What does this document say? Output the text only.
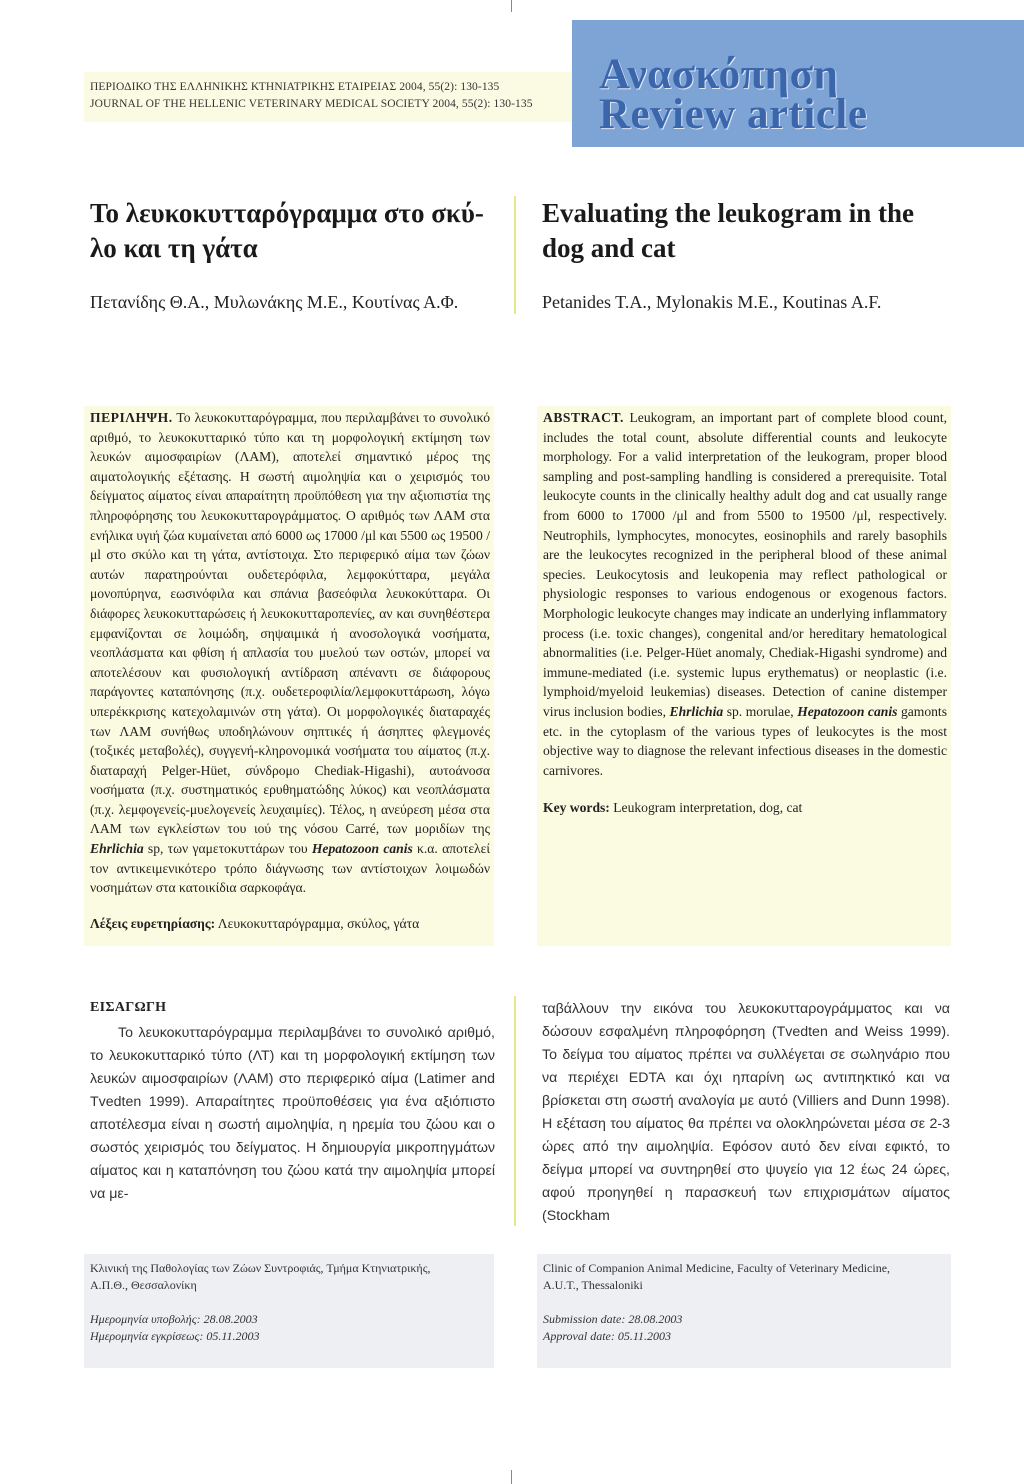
ΠΕΡΙΟΔΙΚΟ ΤΗΣ ΕΛΛΗΝΙΚΗΣ ΚΤΗΝΙΑΤΡΙΚΗΣ ΕΤΑΙΡΕΙΑΣ 2004, 55(2): 130-135
JOURNAL OF THE HELLENIC VETERINARY MEDICAL SOCIETY 2004, 55(2): 130-135
Ανασκόπηση
Review article
Το λευκοκυτταρόγραμμα στο σκύ-
λο και τη γάτα
Evaluating the leukogram in the
dog and cat
Πετανίδης Θ.Α., Μυλωνάκης Μ.Ε., Κουτίνας Α.Φ.	Petanides T.A., Mylonakis M.E., Koutinas A.F.
ΠΕΡΙΛΗΨΗ. Το λευκοκυτταρόγραμμα, που περιλαμβάνει το συνολικό αριθμό, το λευκοκυτταρικό τύπο και τη μορφολογική εκτίμηση των λευκών αιμοσφαιρίων (ΛΑΜ), αποτελεί σημαντικό μέρος της αιματολογικής εξέτασης. Η σωστή αιμοληψία και ο χειρισμός του δείγματος αίματος είναι απαραίτητη προϋπόθεση για την αξιοπιστία της πληροφόρησης του λευκοκυτταρογράμματος. Ο αριθμός των ΛΑΜ στα ενήλικα υγιή ζώα κυμαίνεται από 6000 ως 17000 /μl και 5500 ως 19500 /μl στο σκύλο και τη γάτα, αντίστοιχα. Στο περιφερικό αίμα των ζώων αυτών παρατηρούνται ουδετερόφιλα, λεμφοκύτταρα, μεγάλα μονοπύρηνα, εωσινόφιλα και σπάνια βασεόφιλα λευκοκύτταρα. Οι διάφορες λευκοκυτταρώσεις ή λευκοκυτταροπενίες, αν και συνηθέστερα εμφανίζονται σε λοιμώδη, σηψαιμικά ή ανοσολογικά νοσήματα, νεοπλάσματα και φθίση ή απλασία του μυελού των οστών, μπορεί να αποτελέσουν και φυσιολογική αντίδραση απέναντι σε διάφορους παράγοντες καταπόνησης (π.χ. ουδετεροφιλία/λεμφοκυττάρωση, λόγω υπερέκκρισης κατεχολαμινών στη γάτα). Οι μορφολογικές διαταραχές των ΛΑΜ συνήθως υποδηλώνουν σηπτικές ή άσηπτες φλεγμονές (τοξικές μεταβολές), συγγενή-κληρονομικά νοσήματα του αίματος (π.χ. διαταραχή Pelger-Hüet, σύνδρομο Chediak-Higashi), αυτοάνοσα νοσήματα (π.χ. συστηματικός ερυθηματώδης λύκος) και νεοπλάσματα (π.χ. λεμφογενείς-μυελογενείς λευχαιμίες). Τέλος, η ανεύρεση μέσα στα ΛΑΜ των εγκλείστων του ιού της νόσου Carré, των μοριδίων της Ehrlichia sp, των γαμετοκυττάρων του Hepatozoon canis κ.α. αποτελεί τον αντικειμενικότερο τρόπο διάγνωσης των αντίστοιχων λοιμωδών νοσημάτων στα κατοικίδια σαρκοφάγα.
Λέξεις ευρετηρίασης: Λευκοκυτταρόγραμμα, σκύλος, γάτα
ABSTRACT. Leukogram, an important part of complete blood count, includes the total count, absolute differential counts and leukocyte morphology. For a valid interpretation of the leukogram, proper blood sampling and post-sampling handling is considered a prerequisite. Total leukocyte counts in the clinically healthy adult dog and cat usually range from 6000 to 17000 /μl and from 5500 to 19500 /μl, respectively. Neutrophils, lymphocytes, monocytes, eosinophils and rarely basophils are the leukocytes recognized in the peripheral blood of these animal species. Leukocytosis and leukopenia may reflect pathological or physiologic responses to various endogenous or exogenous factors. Morphologic leukocyte changes may indicate an underlying inflammatory process (i.e. toxic changes), congenital and/or hereditary hematological abnormalities (i.e. Pelger-Hüet anomaly, Chediak-Higashi syndrome) and immune-mediated (i.e. systemic lupus erythematus) or neoplastic (i.e. lymphoid/myeloid leukemias) diseases. Detection of canine distemper virus inclusion bodies, Ehrlichia sp. morulae, Hepatozoon canis gamonts etc. in the cytoplasm of the various types of leukocytes is the most objective way to diagnose the relevant infectious diseases in the domestic carnivores.
Key words: Leukogram interpretation, dog, cat
ΕΙΣΑΓΩΓΗ
Το λευκοκυτταρόγραμμα περιλαμβάνει το συνολικό αριθμό, το λευκοκυτταρικό τύπο (ΛΤ) και τη μορφολογική εκτίμηση των λευκών αιμοσφαιρίων (ΛΑΜ) στο περιφερικό αίμα (Latimer and Tvedten 1999). Απαραίτητες προϋποθέσεις για ένα αξιόπιστο αποτέλεσμα είναι η σωστή αιμοληψία, η ηρεμία του ζώου και ο σωστός χειρισμός του δείγματος. Η δημιουργία μικροπηγμάτων αίματος και η καταπόνηση του ζώου κατά την αιμοληψία μπορεί να με-
ταβάλλουν την εικόνα του λευκοκυτταρογράμματος και να δώσουν εσφαλμένη πληροφόρηση (Tvedten and Weiss 1999). Το δείγμα του αίματος πρέπει να συλλέγεται σε σωληνάριο που να περιέχει EDTA και όχι ηπαρίνη ως αντιπηκτικό και να βρίσκεται στη σωστή αναλογία με αυτό (Villiers and Dunn 1998). Η εξέταση του αίματος θα πρέπει να ολοκληρώνεται μέσα σε 2-3 ώρες από την αιμοληψία. Εφόσον αυτό δεν είναι εφικτό, το δείγμα μπορεί να συντηρηθεί στο ψυγείο για 12 έως 24 ώρες, αφού προηγηθεί η παρασκευή των επιχρισμάτων αίματος (Stockham
Κλινική της Παθολογίας των Ζώων Συντροφιάς, Τμήμα Κτηνιατρικής,
Α.Π.Θ., Θεσσαλονίκη
Ημερομηνία υποβολής: 28.08.2003
Ημερομηνία εγκρίσεως: 05.11.2003
Clinic of Companion Animal Medicine, Faculty of Veterinary Medicine,
A.U.T., Thessaloniki
Submission date: 28.08.2003
Approval date: 05.11.2003
